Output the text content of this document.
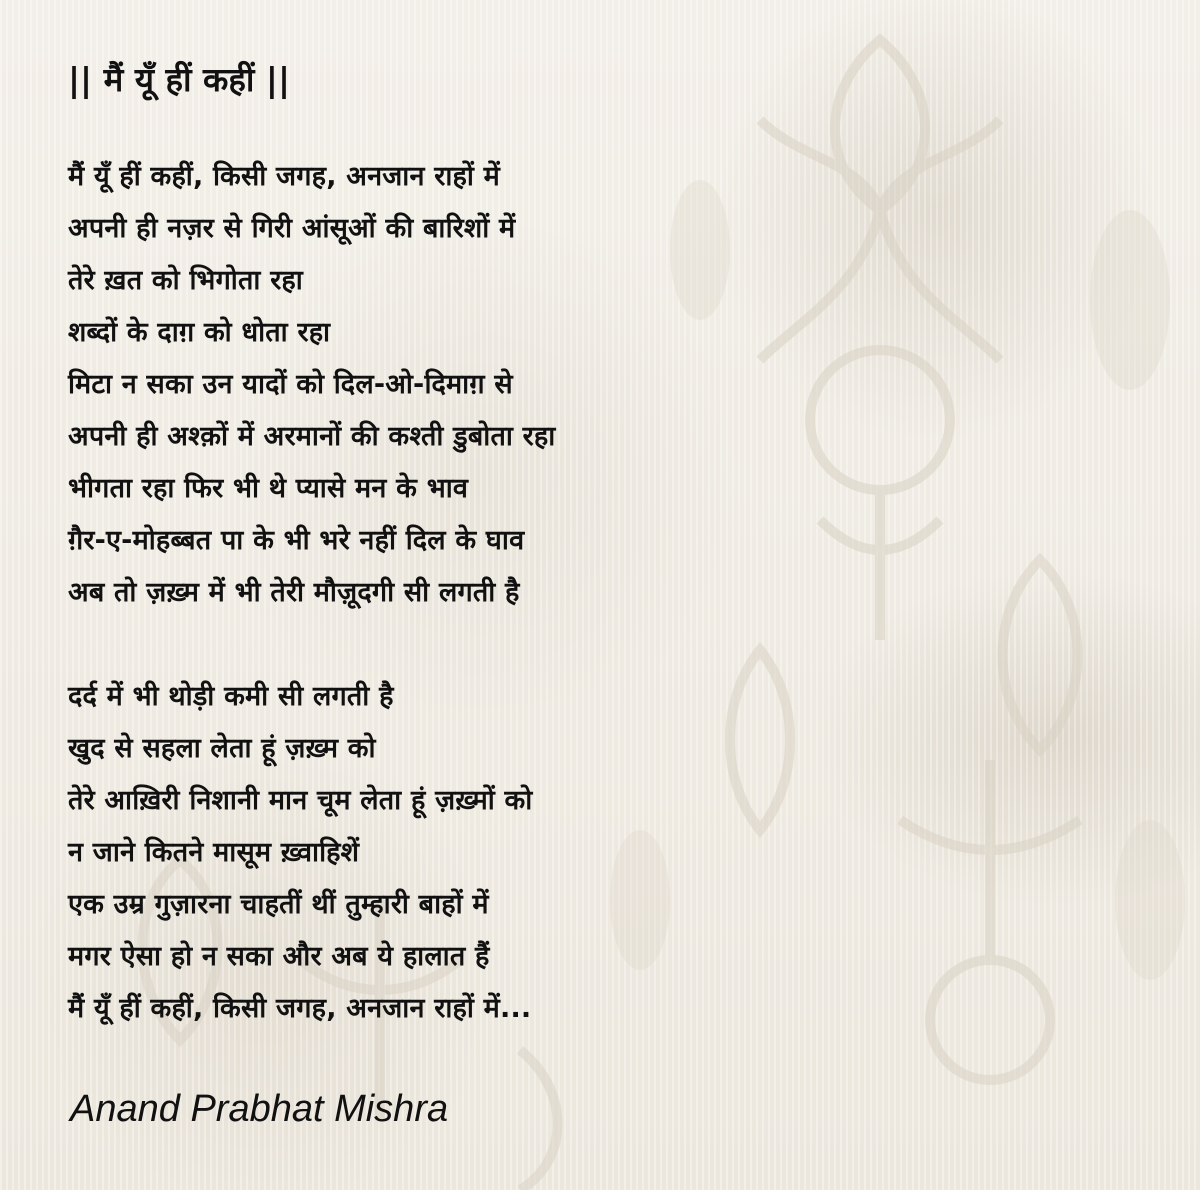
|| मैं यूँ हीं कहीं ||
मैं यूँ हीं कहीं, किसी जगह, अनजान राहों में
अपनी ही नज़र से गिरी आंसूओं की बारिशों में
तेरे ख़त को भिगोता रहा
शब्दों के दाग़ को धोता रहा
मिटा न सका उन यादों को दिल-ओ-दिमाग़ से
अपनी ही अश्क़ों में अरमानों की कश्ती डुबोता रहा
भीगता रहा फिर भी थे प्यासे मन के भाव
ग़ैर-ए-मोहब्बत पा के भी भरे नहीं दिल के घाव
अब तो ज़ख़्म में भी तेरी मौज़ूदगी सी लगती है
दर्द में भी थोड़ी कमी सी लगती है
खुद से सहला लेता हूं ज़ख़्म को
तेरे आख़िरी निशानी मान चूम लेता हूं ज़ख़्मों को
न जाने कितने मासूम ख़्वाहिशें
एक उम्र गुज़ारना चाहतीं थीं तुम्हारी बाहों में
मगर ऐसा हो न सका और अब ये हालात हैं
मैं यूँ हीं कहीं, किसी जगह, अनजान राहों में...
Anand Prabhat Mishra
